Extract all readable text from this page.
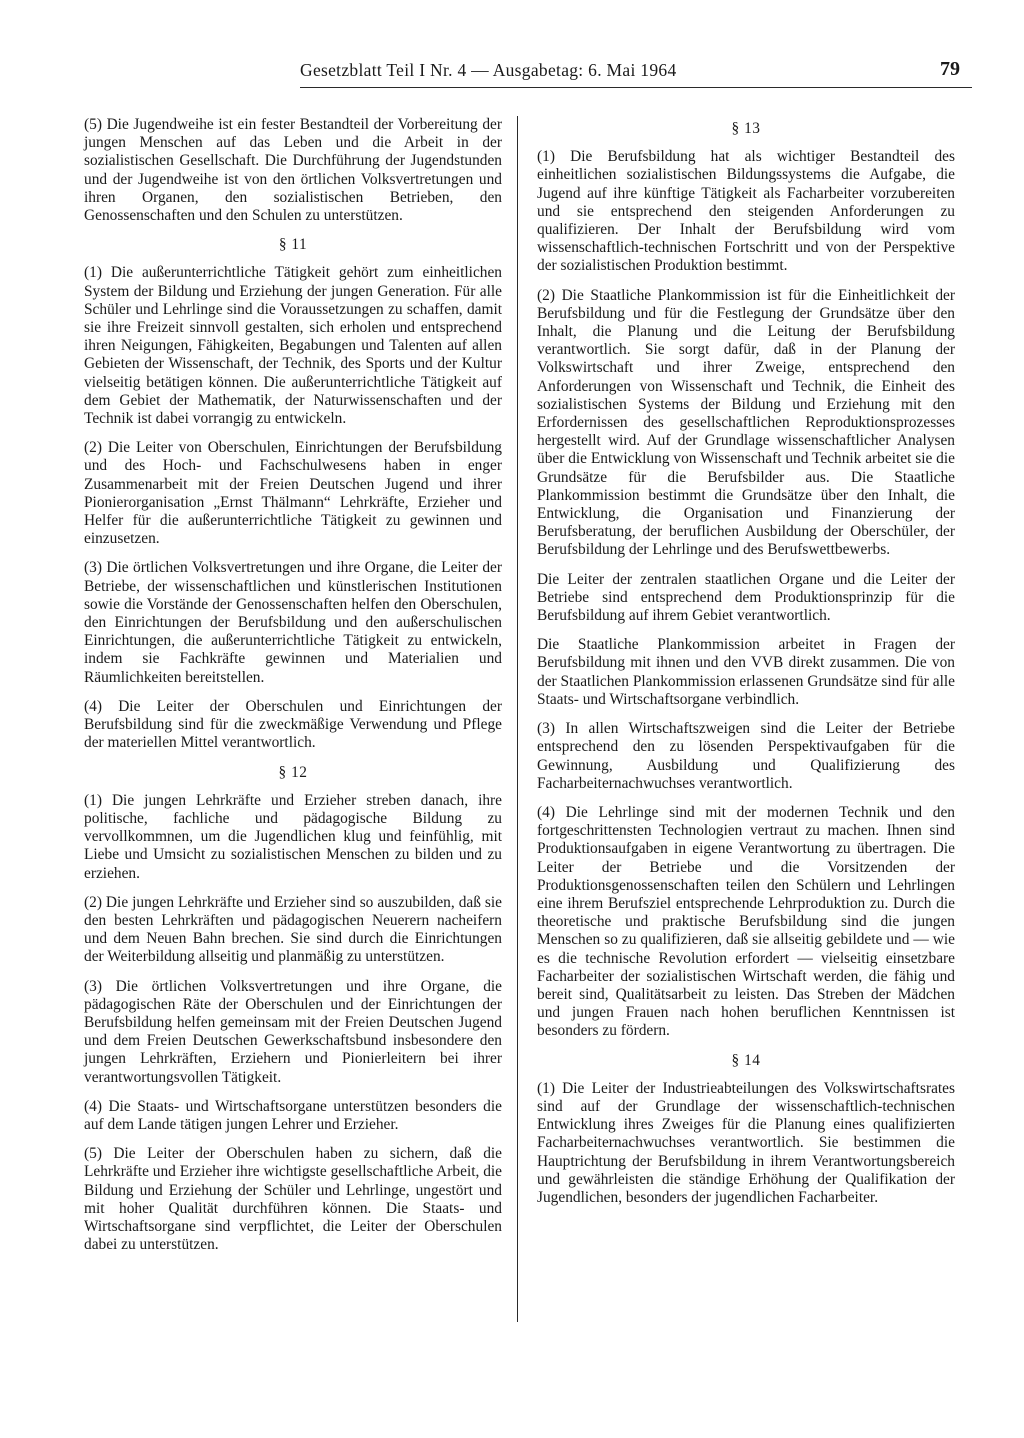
Gesetzblatt Teil I Nr. 4 — Ausgabetag: 6. Mai 1964	79

(5) Die Jugendweihe ist ein fester Bestandteil der Vorbereitung der jungen Menschen auf das Leben und die Arbeit in der sozialistischen Gesellschaft. Die Durchführung der Jugendstunden und der Jugendweihe ist von den örtlichen Volksvertretungen und ihren Organen, den sozialistischen Betrieben, den Genossenschaften und den Schulen zu unterstützen.

§ 11

(1) Die außerunterrichtliche Tätigkeit gehört zum einheitlichen System der Bildung und Erziehung der jungen Generation. Für alle Schüler und Lehrlinge sind die Voraussetzungen zu schaffen, damit sie ihre Freizeit sinnvoll gestalten, sich erholen und entsprechend ihren Neigungen, Fähigkeiten, Begabungen und Talenten auf allen Gebieten der Wissenschaft, der Technik, des Sports und der Kultur vielseitig betätigen können. Die außerunterrichtliche Tätigkeit auf dem Gebiet der Mathematik, der Naturwissenschaften und der Technik ist dabei vorrangig zu entwickeln.

(2) Die Leiter von Oberschulen, Einrichtungen der Berufsbildung und des Hoch- und Fachschulwesens haben in enger Zusammenarbeit mit der Freien Deutschen Jugend und ihrer Pionierorganisation „Ernst Thälmann“ Lehrkräfte, Erzieher und Helfer für die außerunterrichtliche Tätigkeit zu gewinnen und einzusetzen.

(3) Die örtlichen Volksvertretungen und ihre Organe, die Leiter der Betriebe, der wissenschaftlichen und künstlerischen Institutionen sowie die Vorstände der Genossenschaften helfen den Oberschulen, den Einrichtungen der Berufsbildung und den außerschulischen Einrichtungen, die außerunterrichtliche Tätigkeit zu entwickeln, indem sie Fachkräfte gewinnen und Materialien und Räumlichkeiten bereitstellen.

(4) Die Leiter der Oberschulen und Einrichtungen der Berufsbildung sind für die zweckmäßige Verwendung und Pflege der materiellen Mittel verantwortlich.

§ 12

(1) Die jungen Lehrkräfte und Erzieher streben danach, ihre politische, fachliche und pädagogische Bildung zu vervollkommnen, um die Jugendlichen klug und feinfühlig, mit Liebe und Umsicht zu sozialistischen Menschen zu bilden und zu erziehen.

(2) Die jungen Lehrkräfte und Erzieher sind so auszubilden, daß sie den besten Lehrkräften und pädagogischen Neuerern nacheifern und dem Neuen Bahn brechen. Sie sind durch die Einrichtungen der Weiterbildung allseitig und planmäßig zu unterstützen.

(3) Die örtlichen Volksvertretungen und ihre Organe, die pädagogischen Räte der Oberschulen und der Einrichtungen der Berufsbildung helfen gemeinsam mit der Freien Deutschen Jugend und dem Freien Deutschen Gewerkschaftsbund insbesondere den jungen Lehrkräften, Erziehern und Pionierleitern bei ihrer verantwortungsvollen Tätigkeit.

(4) Die Staats- und Wirtschaftsorgane unterstützen besonders die auf dem Lande tätigen jungen Lehrer und Erzieher.

(5) Die Leiter der Oberschulen haben zu sichern, daß die Lehrkräfte und Erzieher ihre wichtigste gesellschaftliche Arbeit, die Bildung und Erziehung der Schüler und Lehrlinge, ungestört und mit hoher Qualität durchführen können. Die Staats- und Wirtschaftsorgane sind verpflichtet, die Leiter der Oberschulen dabei zu unterstützen.

§ 13

(1) Die Berufsbildung hat als wichtiger Bestandteil des einheitlichen sozialistischen Bildungssystems die Aufgabe, die Jugend auf ihre künftige Tätigkeit als Facharbeiter vorzubereiten und sie entsprechend den steigenden Anforderungen zu qualifizieren. Der Inhalt der Berufsbildung wird vom wissenschaftlich-technischen Fortschritt und von der Perspektive der sozialistischen Produktion bestimmt.

(2) Die Staatliche Plankommission ist für die Einheitlichkeit der Berufsbildung und für die Festlegung der Grundsätze über den Inhalt, die Planung und die Leitung der Berufsbildung verantwortlich. Sie sorgt dafür, daß in der Planung der Volkswirtschaft und ihrer Zweige, entsprechend den Anforderungen von Wissenschaft und Technik, die Einheit des sozialistischen Systems der Bildung und Erziehung mit den Erfordernissen des gesellschaftlichen Reproduktionsprozesses hergestellt wird. Auf der Grundlage wissenschaftlicher Analysen über die Entwicklung von Wissenschaft und Technik arbeitet sie die Grundsätze für die Berufsbilder aus. Die Staatliche Plankommission bestimmt die Grundsätze über den Inhalt, die Entwicklung, die Organisation und Finanzierung der Berufsberatung, der beruflichen Ausbildung der Oberschüler, der Berufsbildung der Lehrlinge und des Berufswettbewerbs.

Die Leiter der zentralen staatlichen Organe und die Leiter der Betriebe sind entsprechend dem Produktionsprinzip für die Berufsbildung auf ihrem Gebiet verantwortlich.

Die Staatliche Plankommission arbeitet in Fragen der Berufsbildung mit ihnen und den VVB direkt zusammen. Die von der Staatlichen Plankommission erlassenen Grundsätze sind für alle Staats- und Wirtschaftsorgane verbindlich.

(3) In allen Wirtschaftszweigen sind die Leiter der Betriebe entsprechend den zu lösenden Perspektivaufgaben für die Gewinnung, Ausbildung und Qualifizierung des Facharbeiternachwuchses verantwortlich.

(4) Die Lehrlinge sind mit der modernen Technik und den fortgeschrittensten Technologien vertraut zu machen. Ihnen sind Produktionsaufgaben in eigene Verantwortung zu übertragen. Die Leiter der Betriebe und die Vorsitzenden der Produktionsgenossenschaften teilen den Schülern und Lehrlingen eine ihrem Berufsziel entsprechende Lehrproduktion zu. Durch die theoretische und praktische Berufsbildung sind die jungen Menschen so zu qualifizieren, daß sie allseitig gebildete und — wie es die technische Revolution erfordert — vielseitig einsetzbare Facharbeiter der sozialistischen Wirtschaft werden, die fähig und bereit sind, Qualitätsarbeit zu leisten. Das Streben der Mädchen und jungen Frauen nach hohen beruflichen Kenntnissen ist besonders zu fördern.

§ 14

(1) Die Leiter der Industrieabteilungen des Volkswirtschaftsrates sind auf der Grundlage der wissenschaftlich-technischen Entwicklung ihres Zweiges für die Planung eines qualifizierten Facharbeiternachwuchses verantwortlich. Sie bestimmen die Hauptrichtung der Berufsbildung in ihrem Verantwortungsbereich und gewährleisten die ständige Erhöhung der Qualifikation der Jugendlichen, besonders der jugendlichen Facharbeiter.
